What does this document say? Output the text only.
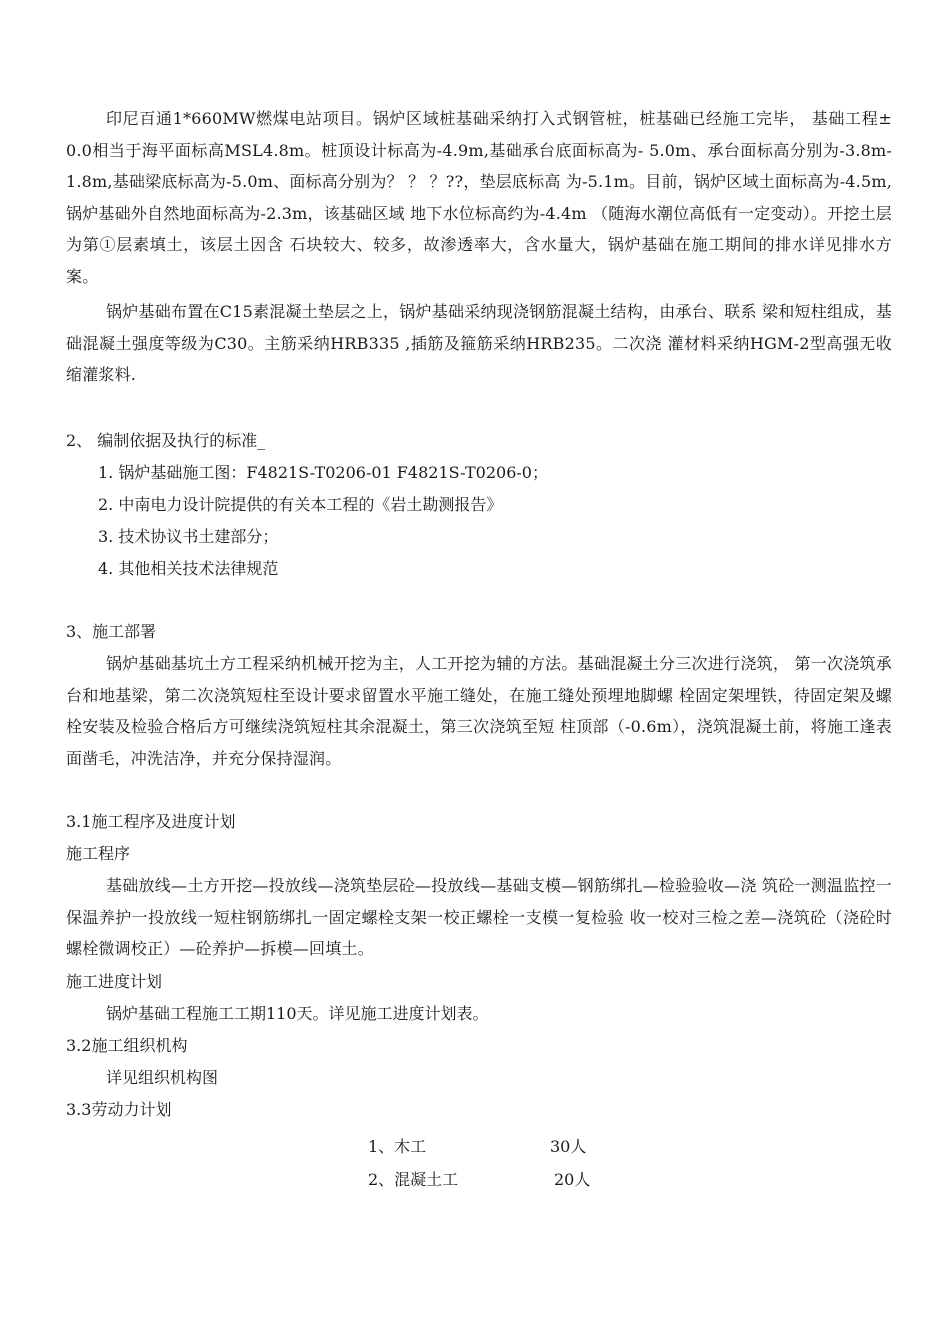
印尼百通1*660MW燃煤电站项目。锅炉区域桩基础采纳打入式钢管桩，桩基础已经施工完毕， 基础工程± 0.0相当于海平面标高MSL4.8m。桩顶设计标高为-4.9m,基础承台底面标高为- 5.0m、承台面标高分别为-3.8m-1.8m,基础梁底标高为-5.0m、面标高分别为？ ？ ？??，垫层底标高 为-5.1m。目前，锅炉区域土面标高为-4.5m,锅炉基础外自然地面标高为-2.3m，该基础区域 地下水位标高约为-4.4m （随海水潮位高低有一定变动）。开挖土层为第①层素填土，该层土因含 石块较大、较多，故渗透率大，含水量大，锅炉基础在施工期间的排水详见排水方案。

锅炉基础布置在C15素混凝土垫层之上，锅炉基础采纳现浇钢筋混凝土结构，由承台、联系 梁和短柱组成，基础混凝土强度等级为C30。主筋采纳HRB335 ,插筋及箍筋采纳HRB235。二次浇 灌材料采纳HGM-2型高强无收缩灌浆料.

2、 编制依据及执行的标准_

1. 锅炉基础施工图：F4821S-T0206-01 F4821S-T0206-0；

2. 中南电力设计院提供的有关本工程的《岩土勘测报告》

3. 技术协议书土建部分；

4. 其他相关技术法律规范

3、施工部署

锅炉基础基坑土方工程采纳机械开挖为主，人工开挖为辅的方法。基础混凝土分三次进行浇筑， 第一次浇筑承台和地基梁，第二次浇筑短柱至设计要求留置水平施工缝处，在施工缝处预埋地脚螺 栓固定架埋铁，待固定架及螺栓安装及检验合格后方可继续浇筑短柱其余混凝土，第三次浇筑至短 柱顶部（-0.6m），浇筑混凝土前，将施工逢表面凿毛，冲洗洁净，并充分保持湿润。

3.1施工程序及进度计划

施工程序

基础放线—土方开挖—投放线—浇筑垫层砼—投放线—基础支模—钢筋绑扎—检验验收—浇 筑砼一测温监控一保温养护一投放线一短柱钢筋绑扎一固定螺栓支架一校正螺栓一支模一复检验 收一校对三检之差—浇筑砼（浇砼时螺栓微调校正）—砼养护—拆模—回填土。

施工进度计划

锅炉基础工程施工工期110天。详见施工进度计划表。

3.2施工组织机构

详见组织机构图

3.3劳动力计划

1、木工	30人
2、混凝土工	20人
